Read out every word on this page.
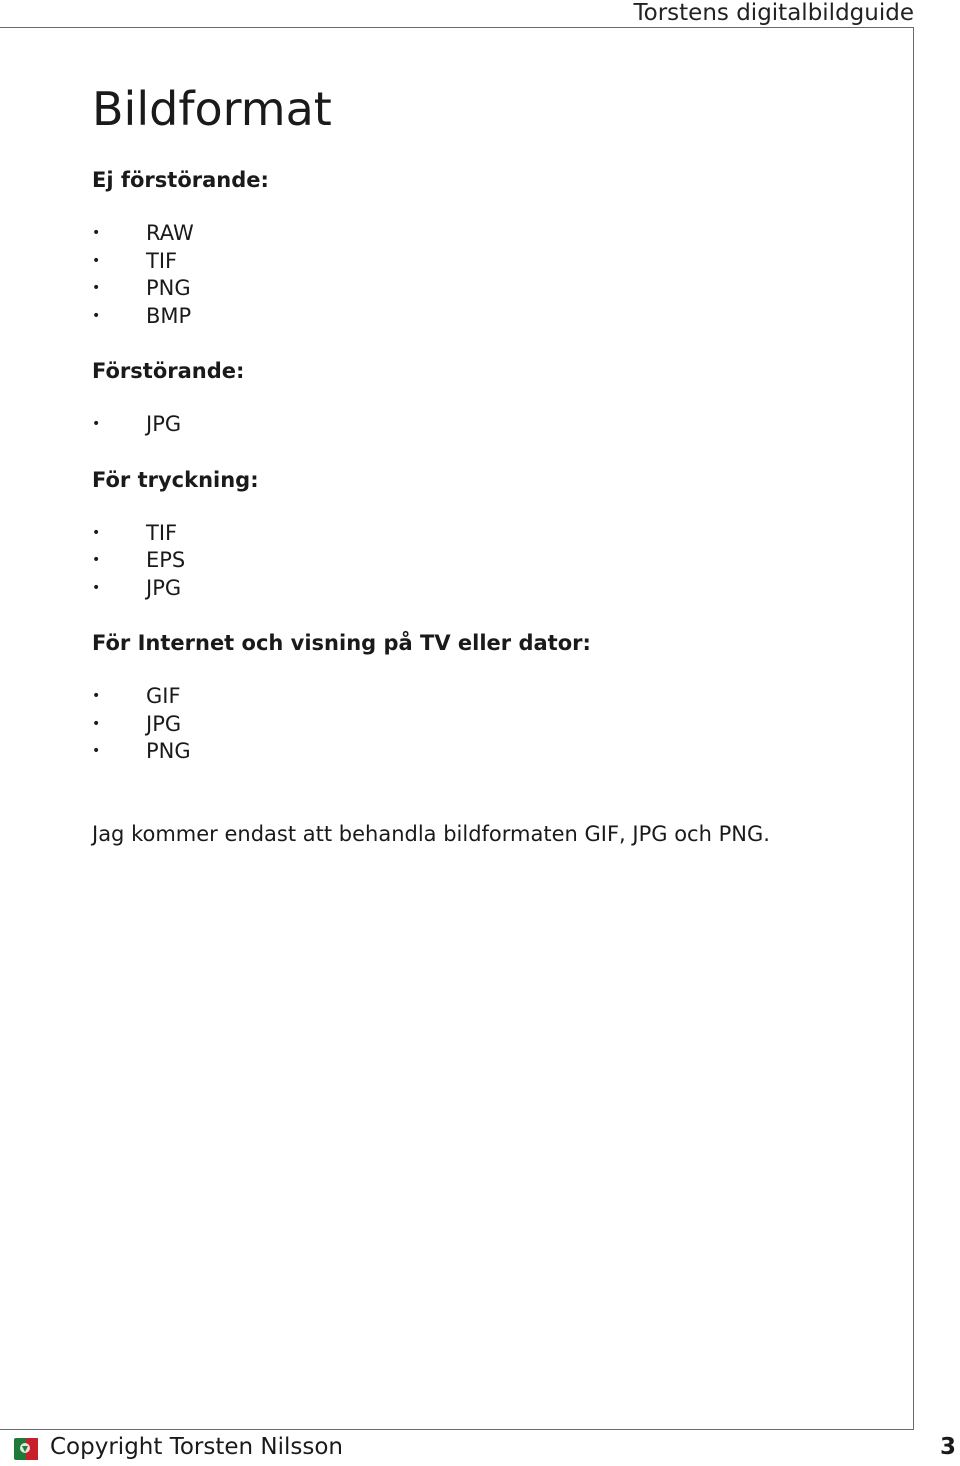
Torstens digitalbildguide
Bildformat
Ej förstörande:
• RAW
• TIF
• PNG
• BMP
Förstörande:
• JPG
För tryckning:
• TIF
• EPS
• JPG
För Internet och visning på TV eller dator:
• GIF
• JPG
• PNG

Jag kommer endast att behandla bildformaten GIF, JPG och PNG.

Copyright Torsten Nilsson	3
